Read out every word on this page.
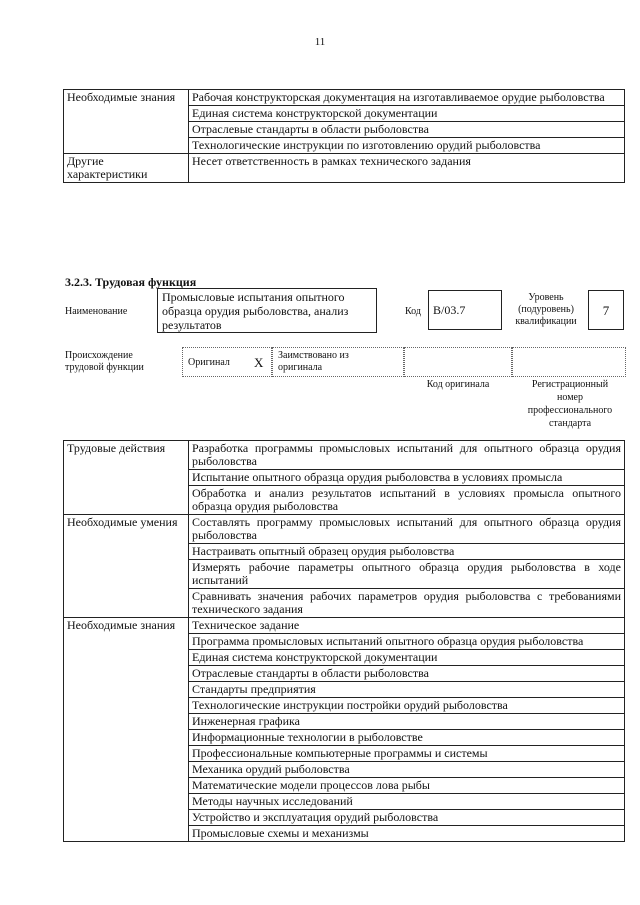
11
Необходимые знания	Рабочая конструкторская документация на изготавливаемое орудие рыболовства
	Единая система конструкторской документации
	Отраслевые стандарты в области рыболовства
	Технологические инструкции по изготовлению орудий рыболовства
Другие характеристики	Несет ответственность в рамках технического задания
3.2.3. Трудовая функция
Наименование
Промысловые испытания опытного образца орудия рыболовства, анализ результатов
Код	В/03.7
Уровень (подуровень) квалификации
7
Происхождение трудовой функции	Оригинал X Заимствовано из оригинала
Код оригинала	Регистрационный номер профессионального стандарта
Трудовые действия	Разработка программы промысловых испытаний для опытного образца орудия рыболовства
	Испытание опытного образца орудия рыболовства в условиях промысла
	Обработка и анализ результатов испытаний в условиях промысла опытного образца орудия рыболовства
Необходимые умения	Составлять программу промысловых испытаний для опытного образца орудия рыболовства
	Настраивать опытный образец орудия рыболовства
	Измерять рабочие параметры опытного образца орудия рыболовства в ходе испытаний
	Сравнивать значения рабочих параметров орудия рыболовства с требованиями технического задания
Необходимые знания	Техническое задание
	Программа промысловых испытаний опытного образца орудия рыболовства
	Единая система конструкторской документации
	Отраслевые стандарты в области рыболовства
	Стандарты предприятия
	Технологические инструкции постройки орудий рыболовства
	Инженерная графика
	Информационные технологии в рыболовстве
	Профессиональные компьютерные программы и системы
	Механика орудий рыболовства
	Математические модели процессов лова рыбы
	Методы научных исследований
	Устройство и эксплуатация орудий рыболовства
	Промысловые схемы и механизмы
